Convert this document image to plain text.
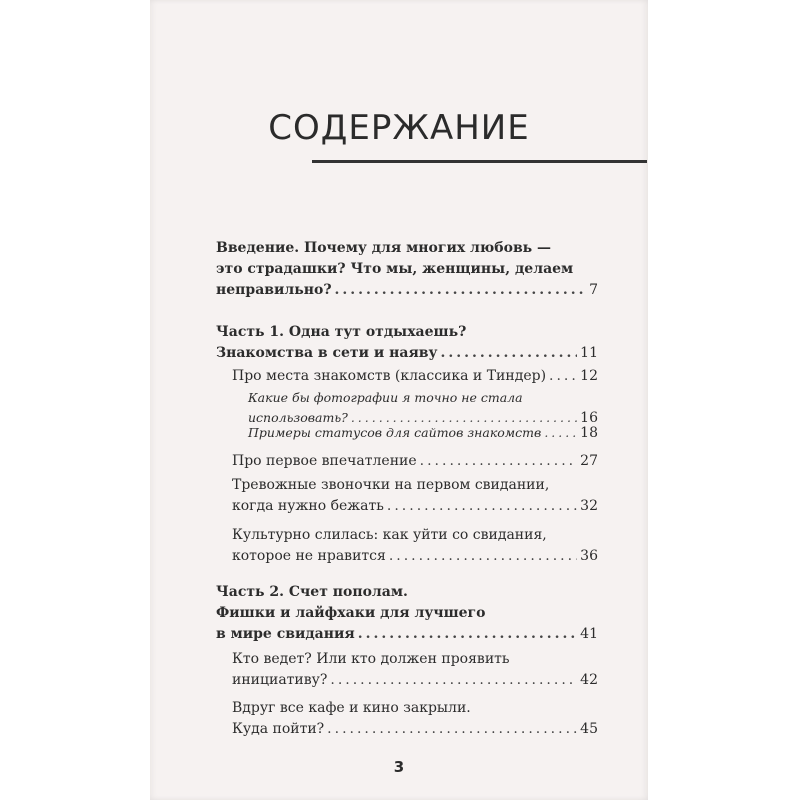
СОДЕРЖАНИЕ
3
Введение. Почему для многих любовь —
это страдашки? Что мы, женщины, делаем
неправильно? .....	7
Часть 1. Одна тут отдыхаешь?
Знакомства в сети и наяву .....	11
Про места знакомств (классика и Тиндер) ..... 12
Какие бы фотографии я точно не стала
использовать? .....	16
Примеры статусов для сайтов знакомств .....	18
Про первое впечатление .....	27
Тревожные звоночки на первом свидании,
когда нужно бежать .....	32
Культурно слилась: как уйти со свидания,
которое не нравится .....	36
Часть 2. Счет пополам.
Фишки и лайфхаки для лучшего
в мире свидания .....	41
Кто ведет? Или кто должен проявить
инициативу? .....	42
Вдруг все кафе и кино закрыли.
Куда пойти? .....	45
